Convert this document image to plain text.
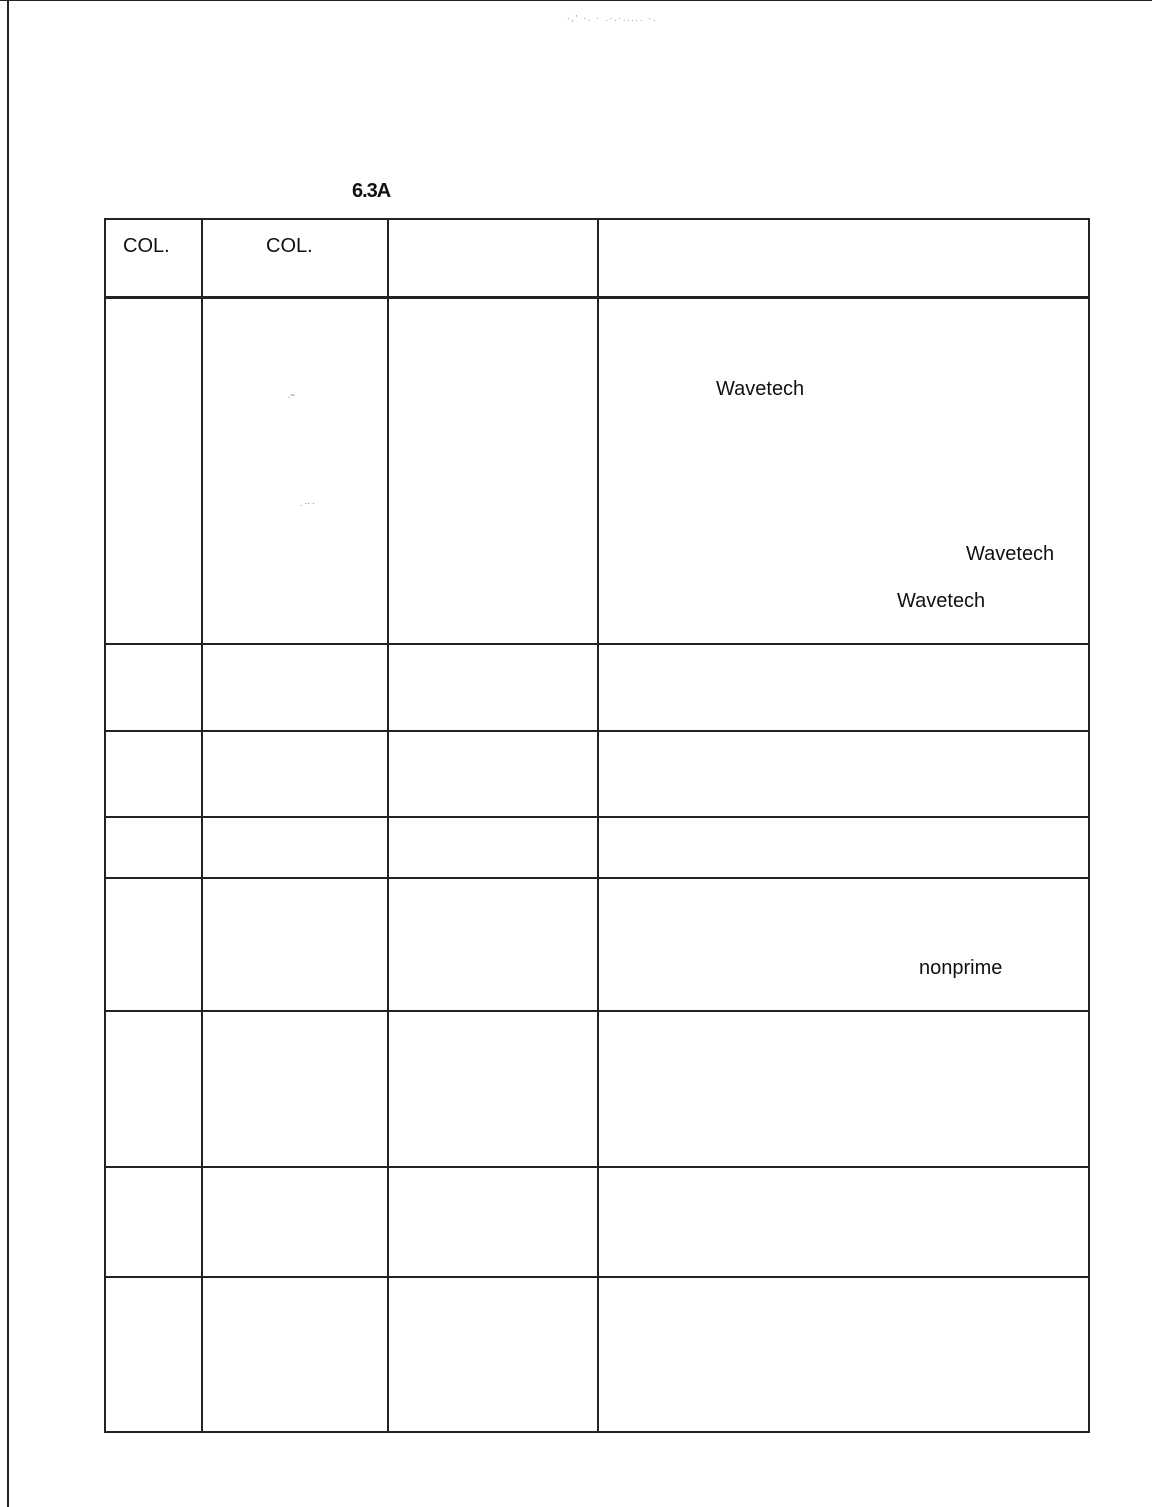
·‚' ·. · .·.·..... ·.
6.3A
COL.	COL.
.~
. ·· ·
Wavetech
Wavetech
Wavetech
nonprime
